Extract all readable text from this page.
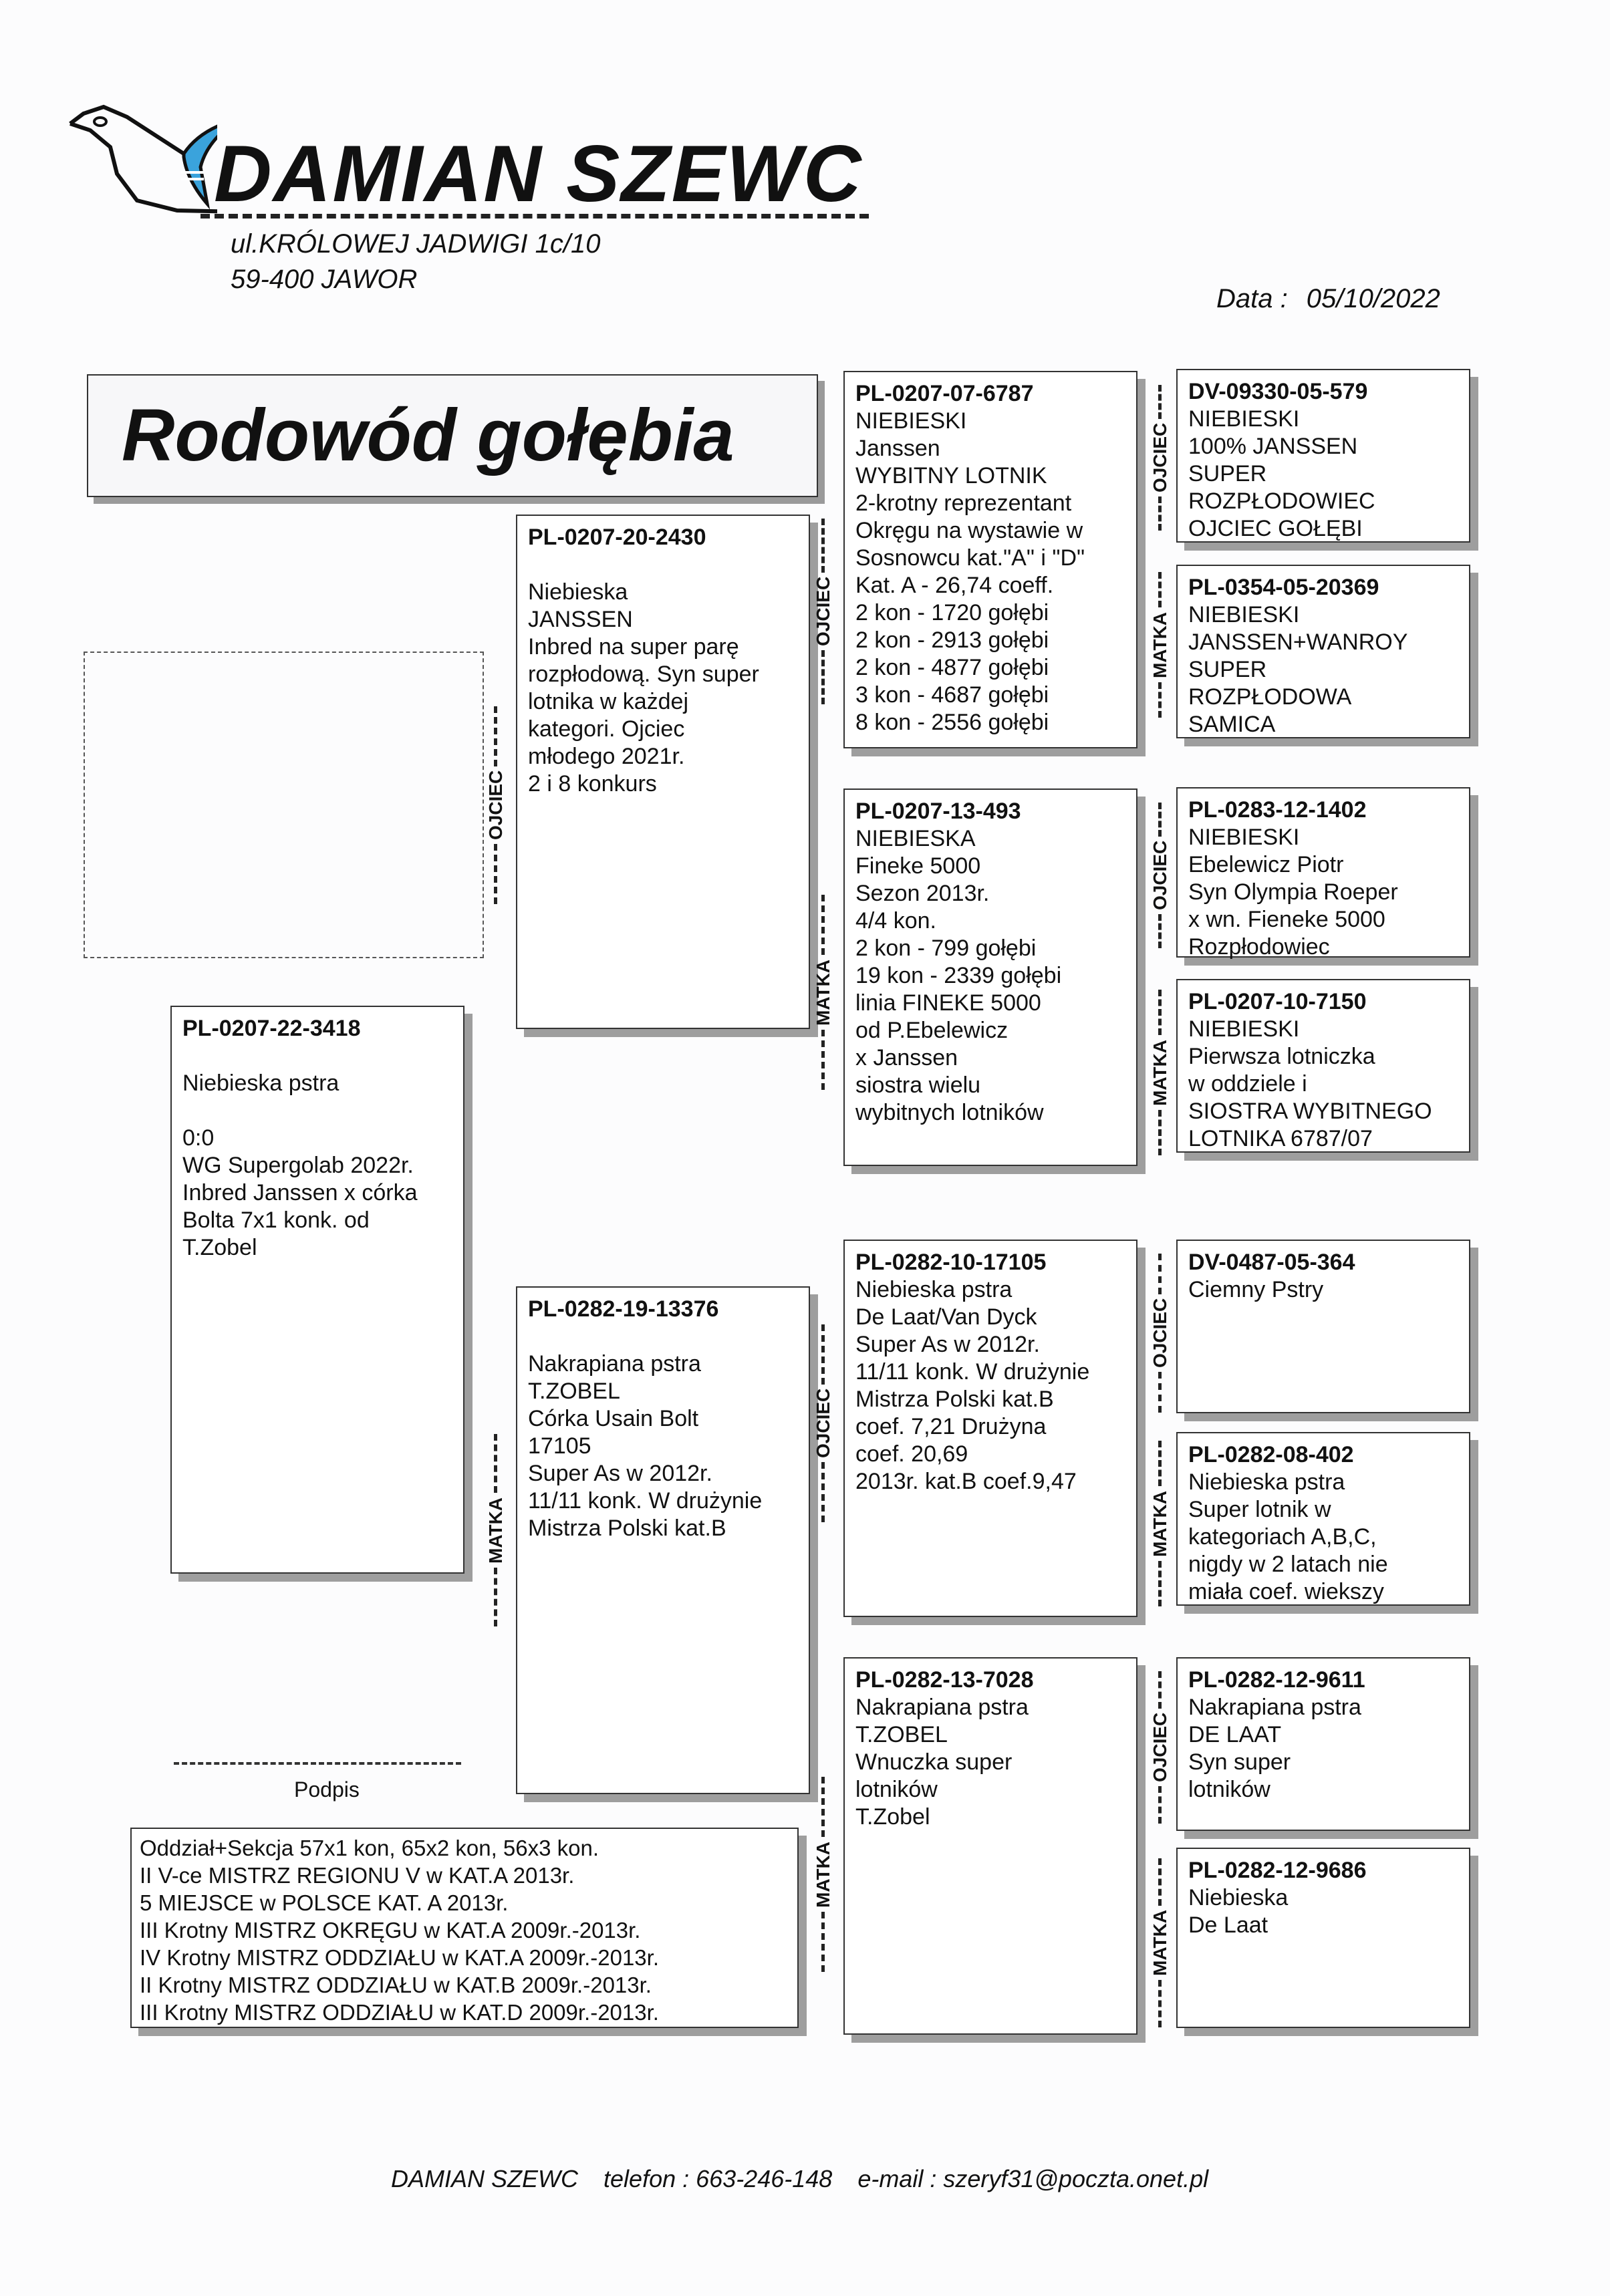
DAMIAN SZEWC
ul.KRÓLOWEJ JADWIGI 1c/10
59-400 JAWOR
Data : 05/10/2022
Rodowód gołębia
PL-0207-22-3418
Niebieska pstra
0:0
WG Supergolab 2022r.
Inbred Janssen x córka
Bolta 7x1 konk. od
T.Zobel
OJCIEC
PL-0207-20-2430
Niebieska
JANSSEN
Inbred na super parę
rozpłodową. Syn super
lotnika w każdej
kategori. Ojciec
młodego 2021r.
2 i 8 konkurs
MATKA
PL-0282-19-13376
Nakrapiana pstra
T.ZOBEL
Córka Usain Bolt
17105
Super As w 2012r.
11/11 konk. W drużynie
Mistrza Polski kat.B
OJCIEC
PL-0207-07-6787
NIEBIESKI
Janssen
WYBITNY LOTNIK
2-krotny reprezentant
Okręgu na wystawie w
Sosnowcu kat."A" i "D"
Kat. A - 26,74 coeff.
2 kon - 1720 gołębi
2 kon - 2913 gołębi
2 kon - 4877 gołębi
3 kon - 4687 gołębi
8 kon - 2556 gołębi
MATKA
PL-0207-13-493
NIEBIESKA
Fineke 5000
Sezon 2013r.
4/4 kon.
2 kon - 799 gołębi
19 kon - 2339 gołębi
linia FINEKE 5000
od P.Ebelewicz
x Janssen
siostra wielu
wybitnych lotników
OJCIEC
PL-0282-10-17105
Niebieska pstra
De Laat/Van Dyck
Super As w 2012r.
11/11 konk. W drużynie
Mistrza Polski kat.B
coef. 7,21 Drużyna
coef. 20,69
2013r. kat.B coef.9,47
MATKA
PL-0282-13-7028
Nakrapiana pstra
T.ZOBEL
Wnuczka super
lotników
T.Zobel
OJCIEC
DV-09330-05-579
NIEBIESKI
100% JANSSEN
SUPER
ROZPŁODOWIEC
OJCIEC GOŁĘBI
MATKA
PL-0354-05-20369
NIEBIESKI
JANSSEN+WANROY
SUPER
ROZPŁODOWA
SAMICA
OJCIEC
PL-0283-12-1402
NIEBIESKI
Ebelewicz Piotr
Syn Olympia Roeper
x wn. Fieneke 5000
Rozpłodowiec
MATKA
PL-0207-10-7150
NIEBIESKI
Pierwsza lotniczka
w oddziele i
SIOSTRA WYBITNEGO
LOTNIKA 6787/07
OJCIEC
DV-0487-05-364
Ciemny Pstry
MATKA
PL-0282-08-402
Niebieska pstra
Super lotnik w
kategoriach A,B,C,
nigdy w 2 latach nie
miała coef. wiekszy
OJCIEC
PL-0282-12-9611
Nakrapiana pstra
DE LAAT
Syn super
lotników
MATKA
PL-0282-12-9686
Niebieska
De Laat
Podpis
Oddział+Sekcja 57x1 kon, 65x2 kon, 56x3 kon.
II V-ce MISTRZ REGIONU V w KAT.A 2013r.
5 MIEJSCE w POLSCE KAT. A 2013r.
III Krotny MISTRZ OKRĘGU w KAT.A 2009r.-2013r.
IV Krotny MISTRZ ODDZIAŁU w KAT.A 2009r.-2013r.
II Krotny MISTRZ ODDZIAŁU w KAT.B 2009r.-2013r.
III Krotny MISTRZ ODDZIAŁU w KAT.D 2009r.-2013r.
DAMIAN SZEWC telefon : 663-246-148 e-mail : szeryf31@poczta.onet.pl
